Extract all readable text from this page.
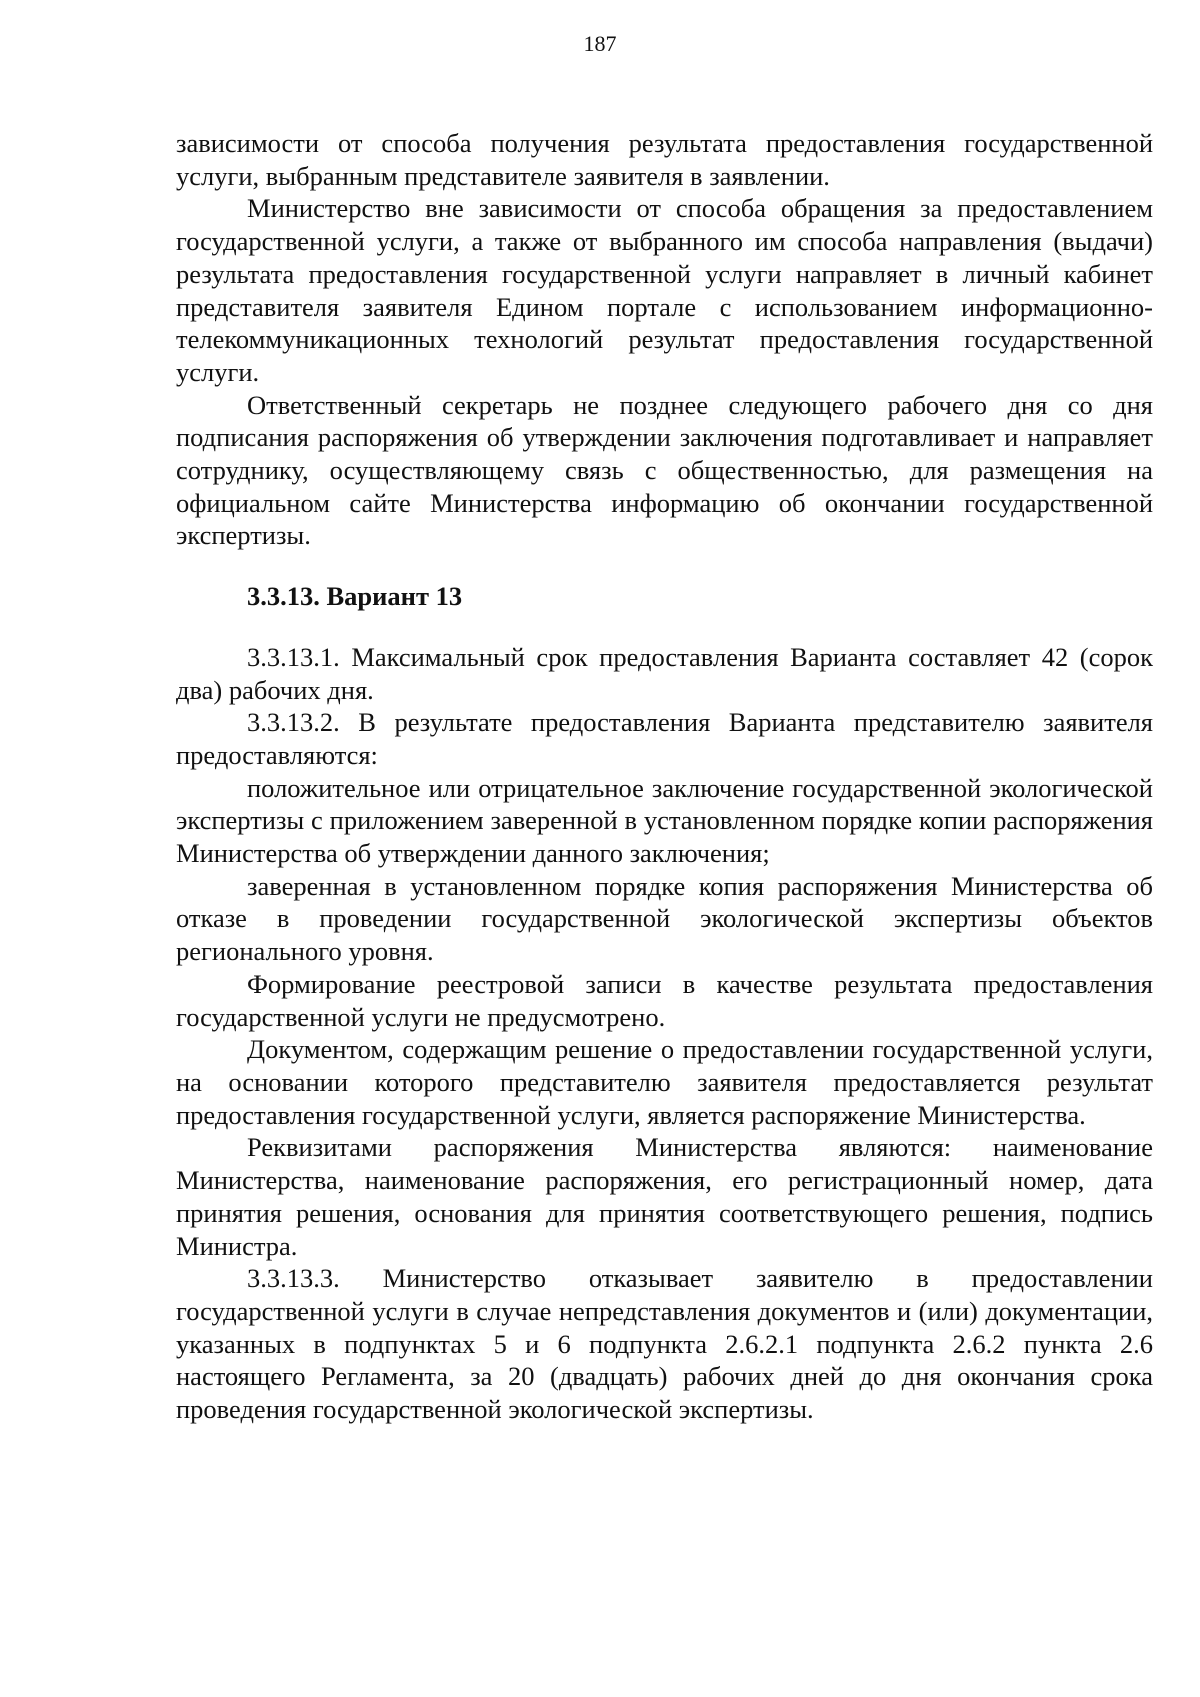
187

зависимости от способа получения результата предоставления государственной услуги, выбранным представителе заявителя в заявлении.

Министерство вне зависимости от способа обращения за предоставлением государственной услуги, а также от выбранного им способа направления (выдачи) результата предоставления государственной услуги направляет в личный кабинет представителя заявителя Едином портале с использованием информационно-телекоммуникационных технологий результат предоставления государственной услуги.

Ответственный секретарь не позднее следующего рабочего дня со дня подписания распоряжения об утверждении заключения подготавливает и направляет сотруднику, осуществляющему связь с общественностью, для размещения на официальном сайте Министерства информацию об окончании государственной экспертизы.

3.3.13. Вариант 13

3.3.13.1. Максимальный срок предоставления Варианта составляет 42 (сорок два) рабочих дня.

3.3.13.2. В результате предоставления Варианта представителю заявителя предоставляются:

положительное или отрицательное заключение государственной экологической экспертизы с приложением заверенной в установленном порядке копии распоряжения Министерства об утверждении данного заключения;

заверенная в установленном порядке копия распоряжения Министерства об отказе в проведении государственной экологической экспертизы объектов регионального уровня.

Формирование реестровой записи в качестве результата предоставления государственной услуги не предусмотрено.

Документом, содержащим решение о предоставлении государственной услуги, на основании которого представителю заявителя предоставляется результат предоставления государственной услуги, является распоряжение Министерства.

Реквизитами распоряжения Министерства являются: наименование Министерства, наименование распоряжения, его регистрационный номер, дата принятия решения, основания для принятия соответствующего решения, подпись Министра.

3.3.13.3. Министерство отказывает заявителю в предоставлении государственной услуги в случае непредставления документов и (или) документации, указанных в подпунктах 5 и 6 подпункта 2.6.2.1 подпункта 2.6.2 пункта 2.6 настоящего Регламента, за 20 (двадцать) рабочих дней до дня окончания срока проведения государственной экологической экспертизы.
